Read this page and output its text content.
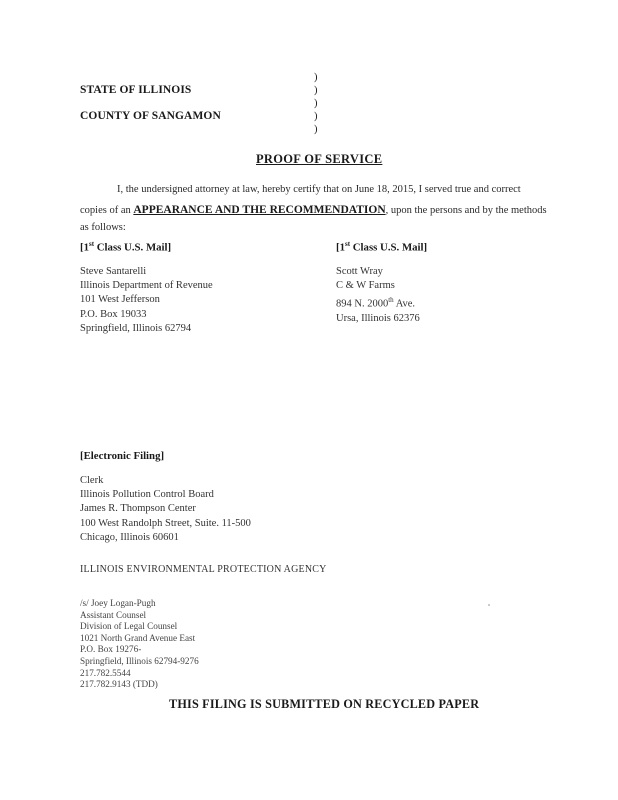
STATE OF ILLINOIS
COUNTY OF SANGAMON
)
)
)
)
)
PROOF OF SERVICE
I, the undersigned attorney at law, hereby certify that on June 18, 2015, I served true and correct
copies of an APPEARANCE AND THE RECOMMENDATION, upon the persons and by the methods
as follows:
[1st Class U.S. Mail]
Steve Santarelli
Illinois Department of Revenue
101 West Jefferson
P.O. Box 19033
Springfield, Illinois 62794
[1st Class U.S. Mail]
Scott Wray
C & W Farms
894 N. 2000th Ave.
Ursa, Illinois 62376
[Electronic Filing]
Clerk
Illinois Pollution Control Board
James R. Thompson Center
100 West Randolph Street, Suite. 11-500
Chicago, Illinois 60601
ILLINOIS ENVIRONMENTAL PROTECTION AGENCY
/s/ Joey Logan-Pugh
Assistant Counsel
Division of Legal Counsel
1021 North Grand Avenue East
P.O. Box 19276-
Springfield, Illinois 62794-9276
217.782.5544
217.782.9143 (TDD)
THIS FILING IS SUBMITTED ON RECYCLED PAPER
